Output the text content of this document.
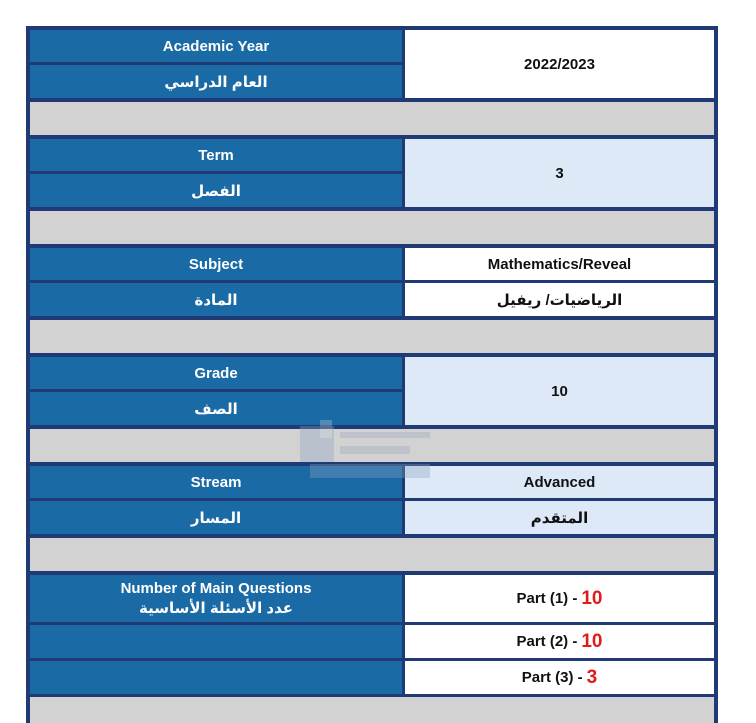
Academic Year
العام الدراسي
2022/2023
Term
الفصل
3
Subject
المادة
Mathematics/Reveal
الرياضيات/ ريفيل
Grade
الصف
10
Stream
المسار
Advanced
المتقدم
Number of Main Questions
عدد الأسئلة الأساسية
Part (1) - 10
Part (2) - 10
Part (3) - 3
